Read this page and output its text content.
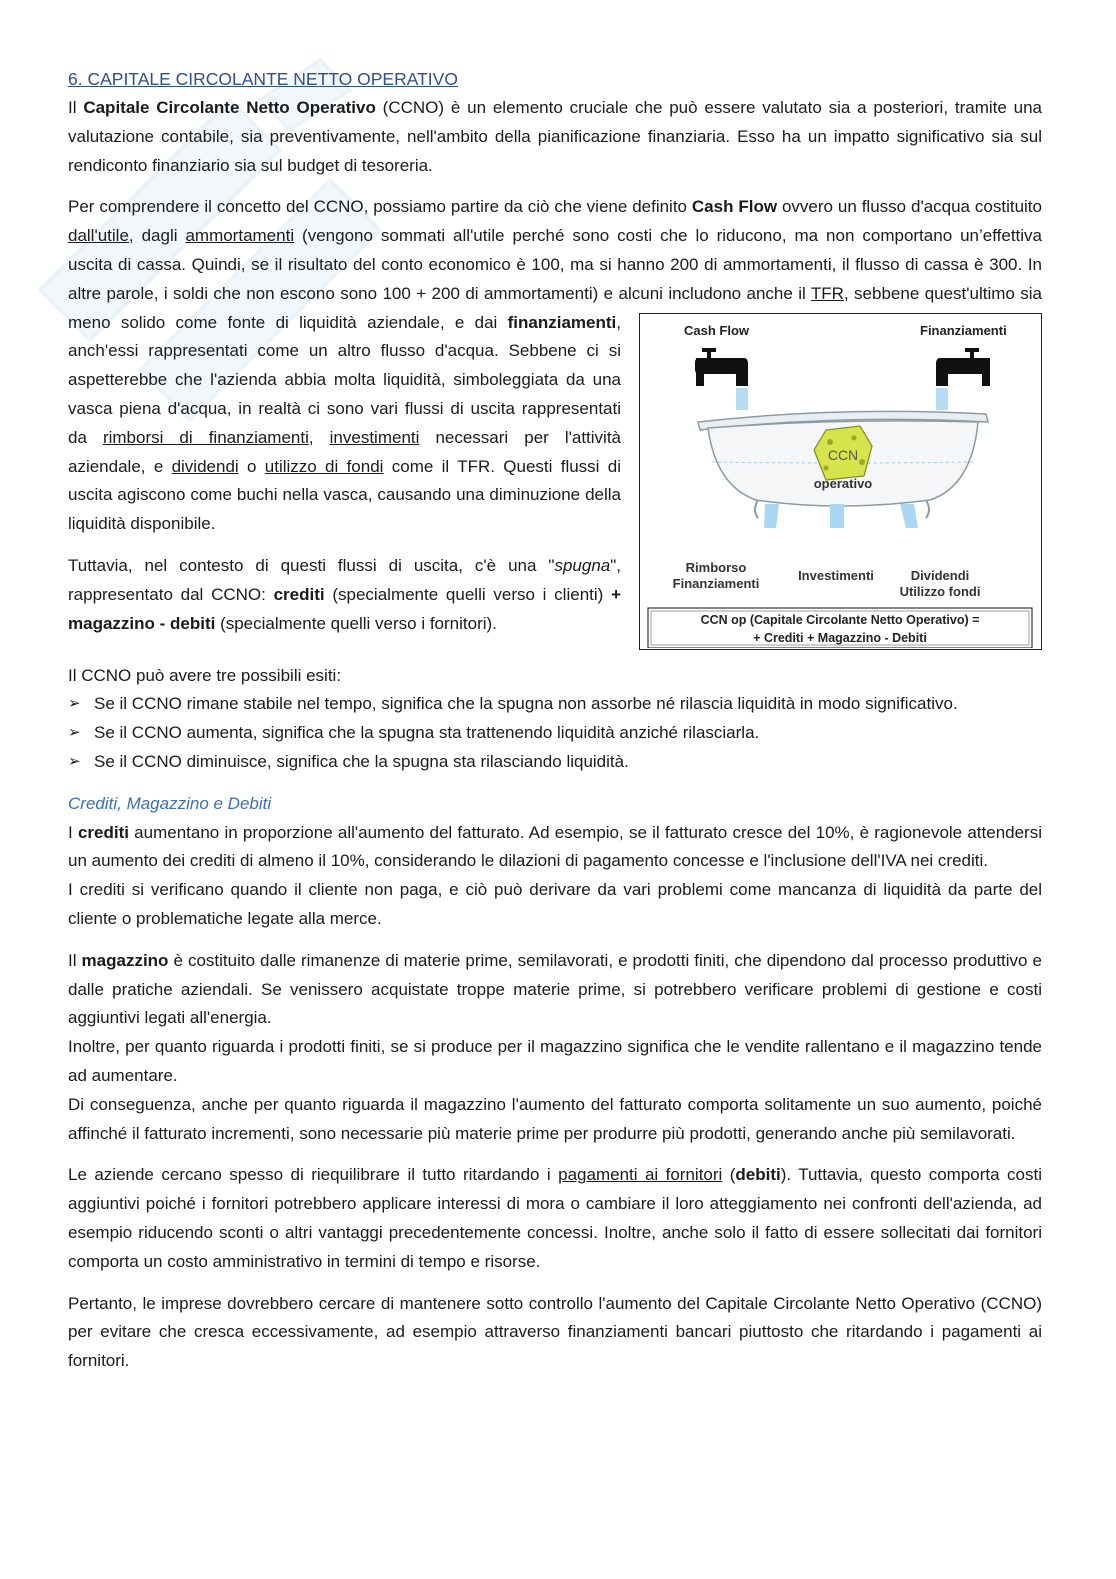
6. CAPITALE CIRCOLANTE NETTO OPERATIVO

Il Capitale Circolante Netto Operativo (CCNO) è un elemento cruciale che può essere valutato sia a posteriori, tramite una valutazione contabile, sia preventivamente, nell'ambito della pianificazione finanziaria. Esso ha un impatto significativo sia sul rendiconto finanziario sia sul budget di tesoreria.

Per comprendere il concetto del CCNO, possiamo partire da ciò che viene definito Cash Flow ovvero un flusso d'acqua costituito dall'utile, dagli ammortamenti (vengono sommati all'utile perché sono costi che lo riducono, ma non comportano un’effettiva uscita di cassa. Quindi, se il risultato del conto economico è 100, ma si hanno 200 di ammortamenti, il flusso di cassa è 300. In altre parole, i soldi che non escono sono 100 + 200 di ammortamenti) e alcuni includono anche il TFR, sebbene quest'ultimo sia meno solido come fonte di liquidità aziendale, e dai	Cash Flow	Finanziamenti
CCN
operativo
Rimborso
Finanziamenti
Investimenti	Dividendi
Utilizzo fondi
CCN op (Capitale Circolante Netto Operativo) =
+ Crediti + Magazzino - Debiti
finanziamenti, anch'essi rappresentati come un altro flusso d'acqua. Sebbene ci si aspetterebbe che l'azienda abbia molta liquidità, simboleggiata da una vasca piena d'acqua, in realtà ci sono vari flussi di uscita rappresentati da rimborsi di finanziamenti, investimenti necessari per l'attività aziendale, e dividendi o utilizzo di fondi come il TFR. Questi flussi di uscita agiscono come buchi nella vasca, causando una diminuzione della liquidità disponibile.

Tuttavia, nel contesto di questi flussi di uscita, c'è una "spugna", rappresentato dal CCNO: crediti (specialmente quelli verso i clienti) + magazzino - debiti (specialmente quelli verso i fornitori).

Il CCNO può avere tre possibili esiti:

➢ Se il CCNO rimane stabile nel tempo, significa che la spugna non assorbe né rilascia liquidità in modo significativo.
➢ Se il CCNO aumenta, significa che la spugna sta trattenendo liquidità anziché rilasciarla.
➢ Se il CCNO diminuisce, significa che la spugna sta rilasciando liquidità.

Crediti, Magazzino e Debiti

I crediti aumentano in proporzione all'aumento del fatturato. Ad esempio, se il fatturato cresce del 10%, è ragionevole attendersi un aumento dei crediti di almeno il 10%, considerando le dilazioni di pagamento concesse e l'inclusione dell'IVA nei crediti.

I crediti si verificano quando il cliente non paga, e ciò può derivare da vari problemi come mancanza di liquidità da parte del cliente o problematiche legate alla merce.

Il magazzino è costituito dalle rimanenze di materie prime, semilavorati, e prodotti finiti, che dipendono dal processo produttivo e dalle pratiche aziendali. Se venissero acquistate troppe materie prime, si potrebbero verificare problemi di gestione e costi aggiuntivi legati all'energia.

Inoltre, per quanto riguarda i prodotti finiti, se si produce per il magazzino significa che le vendite rallentano e il magazzino tende ad aumentare.

Di conseguenza, anche per quanto riguarda il magazzino l'aumento del fatturato comporta solitamente un suo aumento, poiché affinché il fatturato incrementi, sono necessarie più materie prime per produrre più prodotti, generando anche più semilavorati.

Le aziende cercano spesso di riequilibrare il tutto ritardando i pagamenti ai fornitori (debiti). Tuttavia, questo comporta costi aggiuntivi poiché i fornitori potrebbero applicare interessi di mora o cambiare il loro atteggiamento nei confronti dell'azienda, ad esempio riducendo sconti o altri vantaggi precedentemente concessi. Inoltre, anche solo il fatto di essere sollecitati dai fornitori comporta un costo amministrativo in termini di tempo e risorse.

Pertanto, le imprese dovrebbero cercare di mantenere sotto controllo l'aumento del Capitale Circolante Netto Operativo (CCNO) per evitare che cresca eccessivamente, ad esempio attraverso finanziamenti bancari piuttosto che ritardando i pagamenti ai fornitori.
